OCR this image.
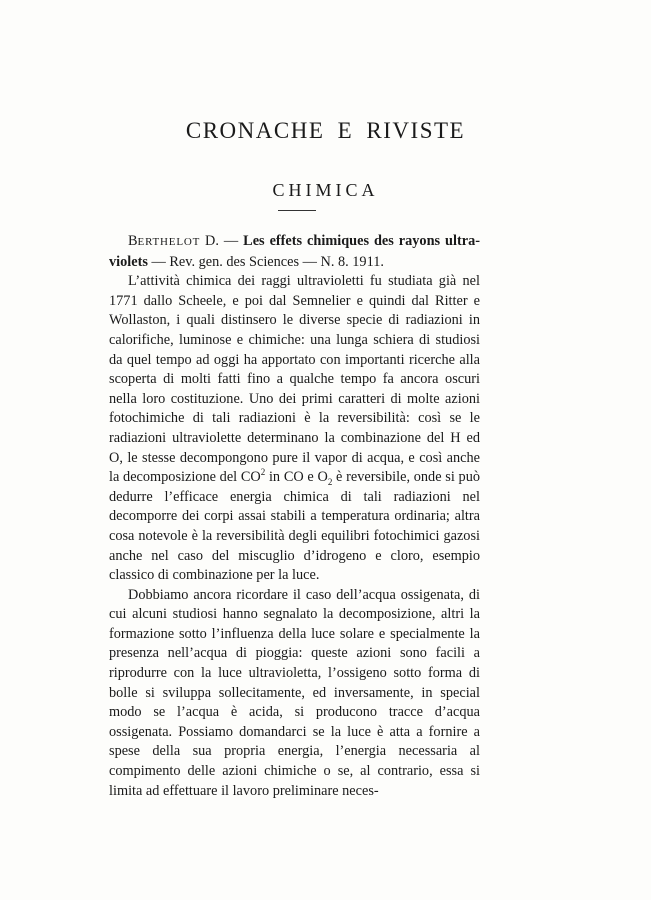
CRONACHE E RIVISTE
CHIMICA

BERTHELOT D. — Les effets chimiques des rayons ultra-violets — Rev. gen. des Sciences — N. 8. 1911.

L’attività chimica dei raggi ultravioletti fu studiata già nel 1771 dallo Scheele, e poi dal Semnelier e quindi dal Ritter e Wollaston, i quali distinsero le diverse specie di radiazioni in calorifiche, luminose e chimiche: una lunga schiera di studiosi da quel tempo ad oggi ha apportato con importanti ricerche alla scoperta di molti fatti fino a qualche tempo fa ancora oscuri nella loro costituzione. Uno dei primi caratteri di molte azioni fotochimiche di tali radiazioni è la reversibilità: così se le radiazioni ultraviolette determinano la combinazione del H ed O, le stesse decompongono pure il vapor di acqua, e così anche la decomposizione del $CO^2$ in CO e $O_2$ è reversibile, onde si può dedurre l’efficace energia chimica di tali radiazioni nel decomporre dei corpi assai stabili a temperatura ordinaria; altra cosa notevole è la reversibilità degli equilibri fotochimici gazosi anche nel caso del miscuglio d’idrogeno e cloro, esempio classico di combinazione per la luce.

Dobbiamo ancora ricordare il caso dell’acqua ossigenata, di cui alcuni studiosi hanno segnalato la decomposizione, altri la formazione sotto l’influenza della luce solare e specialmente la presenza nell’acqua di pioggia: queste azioni sono facili a riprodurre con la luce ultravioletta, l’ossigeno sotto forma di bolle si sviluppa sollecitamente, ed inversamente, in special modo se l’acqua è acida, si producono tracce d’acqua ossigenata. Possiamo domandarci se la luce è atta a fornire a spese della sua propria energia, l’energia necessaria al compimento delle azioni chimiche o se, al contrario, essa si limita ad effettuare il lavoro preliminare neces-
